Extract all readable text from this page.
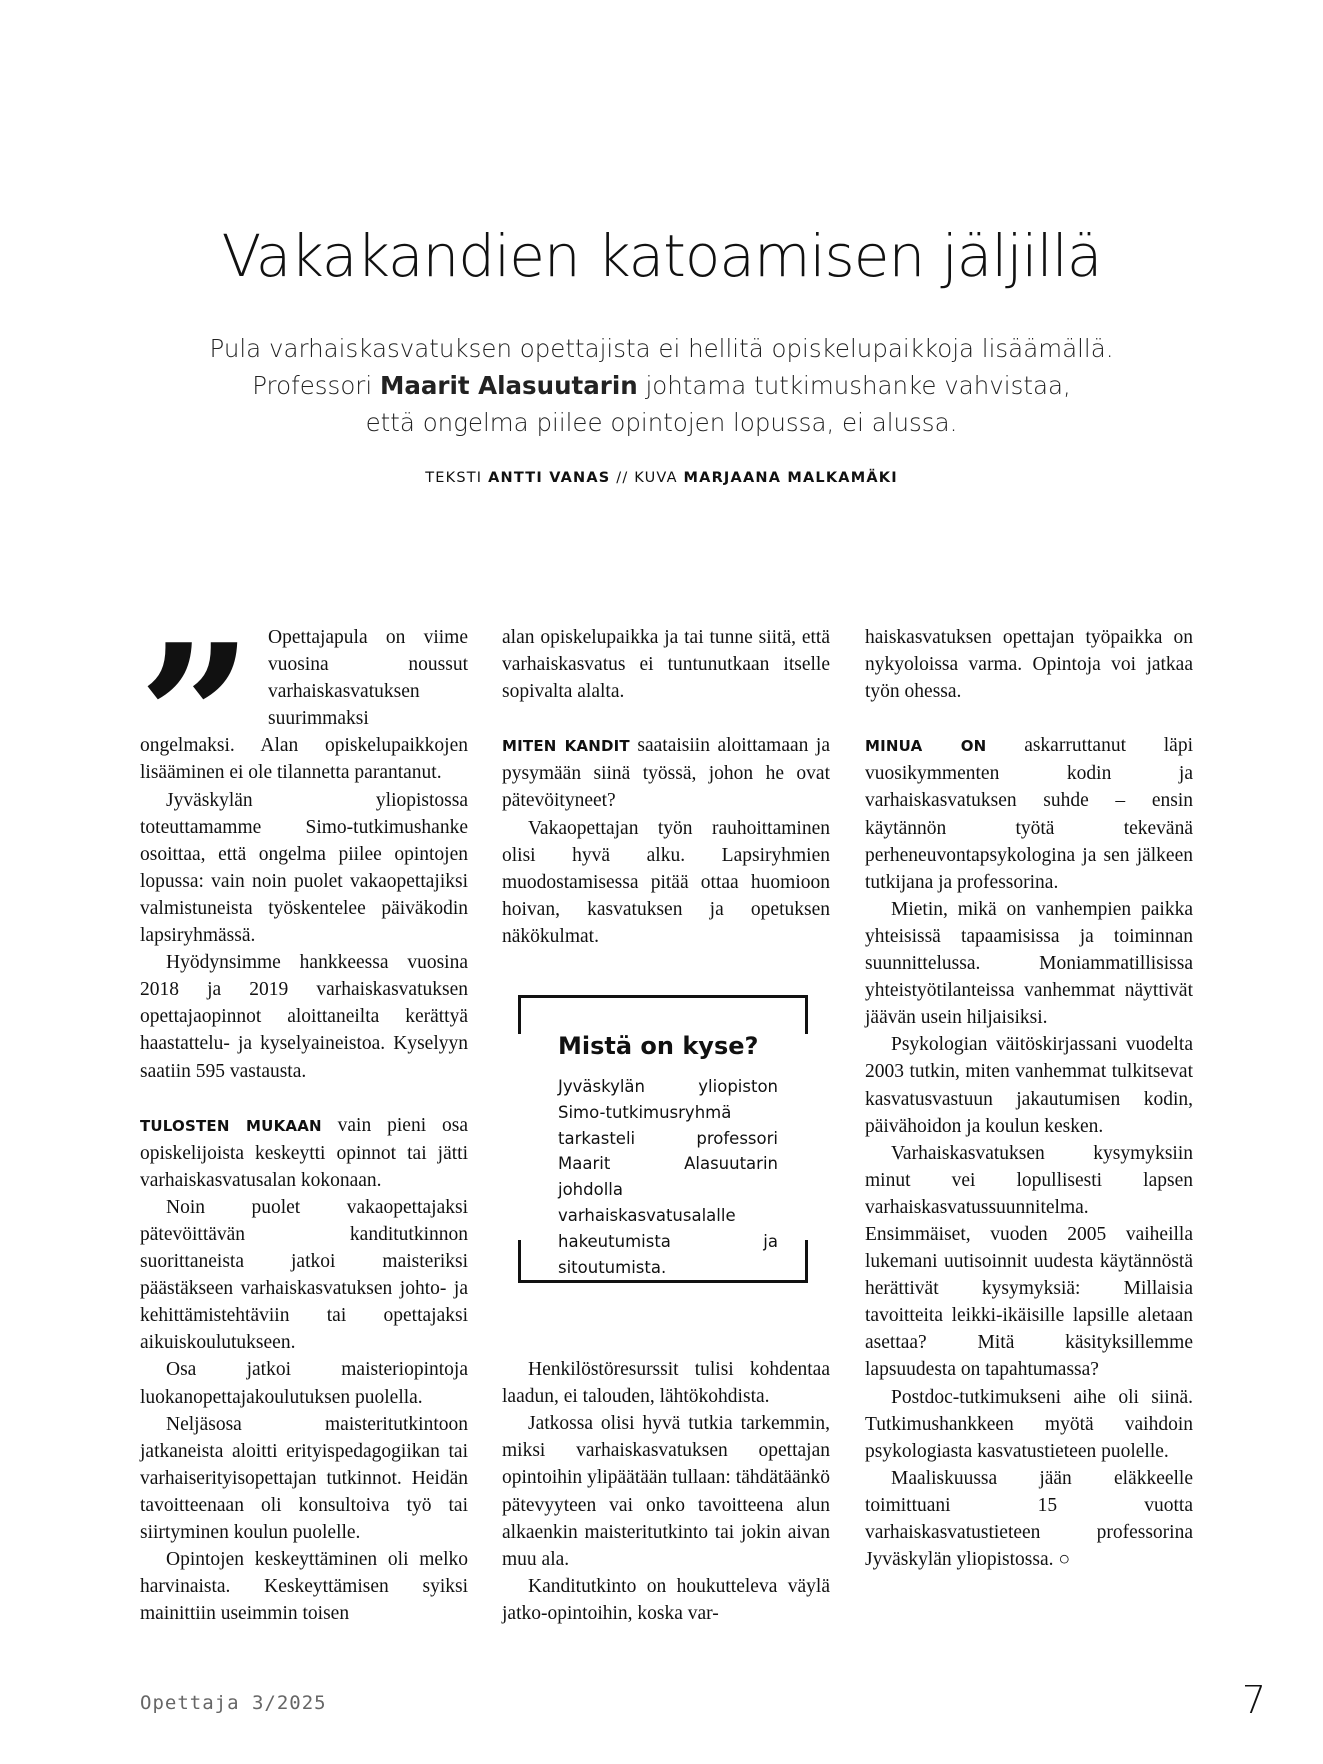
Vakakandien katoamisen jäljillä
Pula varhaiskasvatuksen opettajista ei hellitä opiskelupaikkoja lisäämällä.
Professori Maarit Alasuutarin johtama tutkimushanke vahvistaa,
että ongelma piilee opintojen lopussa, ei alussa.
TEKSTI ANTTI VANAS // KUVA MARJAANA MALKAMÄKI

Opettajapula on viime vuosina noussut varhaiskasvatuksen suurimmaksi ongelmaksi. Alan opiskelupaikkojen lisääminen ei ole tilannetta parantanut.

Jyväskylän yliopistossa toteuttamamme Simo-tutkimushanke osoittaa, että ongelma piilee opintojen lopussa: vain noin puolet vakaopettajiksi valmistuneista työskentelee päiväkodin lapsiryhmässä.

Hyödynsimme hankkeessa vuosina 2018 ja 2019 varhaiskasvatuksen opettajaopinnot aloittaneilta kerättyä haastattelu- ja kyselyaineistoa. Kyselyyn saatiin 595 vastausta.

TULOSTEN MUKAAN vain pieni osa opiskelijoista keskeytti opinnot tai jätti varhaiskasvatusalan kokonaan.

Noin puolet vakaopettajaksi pätevöittävän kanditutkinnon suorittaneista jatkoi maisteriksi päästäkseen varhaiskasvatuksen johto- ja kehittämistehtäviin tai opettajaksi aikuiskoulutukseen.

Osa jatkoi maisteriopintoja luokanopettajakoulutuksen puolella.

Neljäsosa maisteritutkintoon jatkaneista aloitti erityispedagogiikan tai varhaiserityisopettajan tutkinnot. Heidän tavoitteenaan oli konsultoiva työ tai siirtyminen koulun puolelle.

Opintojen keskeyttäminen oli melko harvinaista. Keskeyttämisen syiksi mainittiin useimmin toisen

alan opiskelupaikka ja tai tunne siitä, että varhaiskasvatus ei tuntunutkaan itselle sopivalta alalta.

MITEN KANDIT saataisiin aloittamaan ja pysymään siinä työssä, johon he ovat pätevöityneet?

Vakaopettajan työn rauhoittaminen olisi hyvä alku. Lapsiryhmien muodostamisessa pitää ottaa huomioon hoivan, kasvatuksen ja opetuksen näkökulmat.

Henkilöstöresurssit tulisi kohdentaa laadun, ei talouden, lähtökohdista.

Jatkossa olisi hyvä tutkia tarkemmin, miksi varhaiskasvatuksen opettajan opintoihin ylipäätään tullaan: tähdätäänkö pätevyyteen vai onko tavoitteena alun alkaenkin maisteritutkinto tai jokin aivan muu ala.

Kanditutkinto on houkutteleva väylä jatko-opintoihin, koska var-

Mistä on kyse?

Jyväskylän yliopiston Simo-tutkimusryhmä tarkasteli professori Maarit Alasuutarin johdolla varhaiskasvatusalalle hakeutumista ja sitoutumista.

haiskasvatuksen opettajan työpaikka on nykyoloissa varma. Opintoja voi jatkaa työn ohessa.

MINUA ON askarruttanut läpi vuosikymmenten kodin ja varhaiskasvatuksen suhde – ensin käytännön työtä tekevänä perheneuvontapsykologina ja sen jälkeen tutkijana ja professorina.

Mietin, mikä on vanhempien paikka yhteisissä tapaamisissa ja toiminnan suunnittelussa. Moniammatillisissa yhteistyötilanteissa vanhemmat näyttivät jäävän usein hiljaisiksi.

Psykologian väitöskirjassani vuodelta 2003 tutkin, miten vanhemmat tulkitsevat kasvatusvastuun jakautumisen kodin, päivähoidon ja koulun kesken.

Varhaiskasvatuksen kysymyksiin minut vei lopullisesti lapsen varhaiskasvatussuunnitelma. Ensimmäiset, vuoden 2005 vaiheilla lukemani uutisoinnit uudesta käytännöstä herättivät kysymyksiä: Millaisia tavoitteita leikki-ikäisille lapsille aletaan asettaa? Mitä käsityksillemme lapsuudesta on tapahtumassa?

Postdoc-tutkimukseni aihe oli siinä. Tutkimushankkeen myötä vaihdoin psykologiasta kasvatustieteen puolelle.

Maaliskuussa jään eläkkeelle toimittuani 15 vuotta varhaiskasvatustieteen professorina Jyväskylän yliopistossa. ○

Opettaja 3/2025	7
